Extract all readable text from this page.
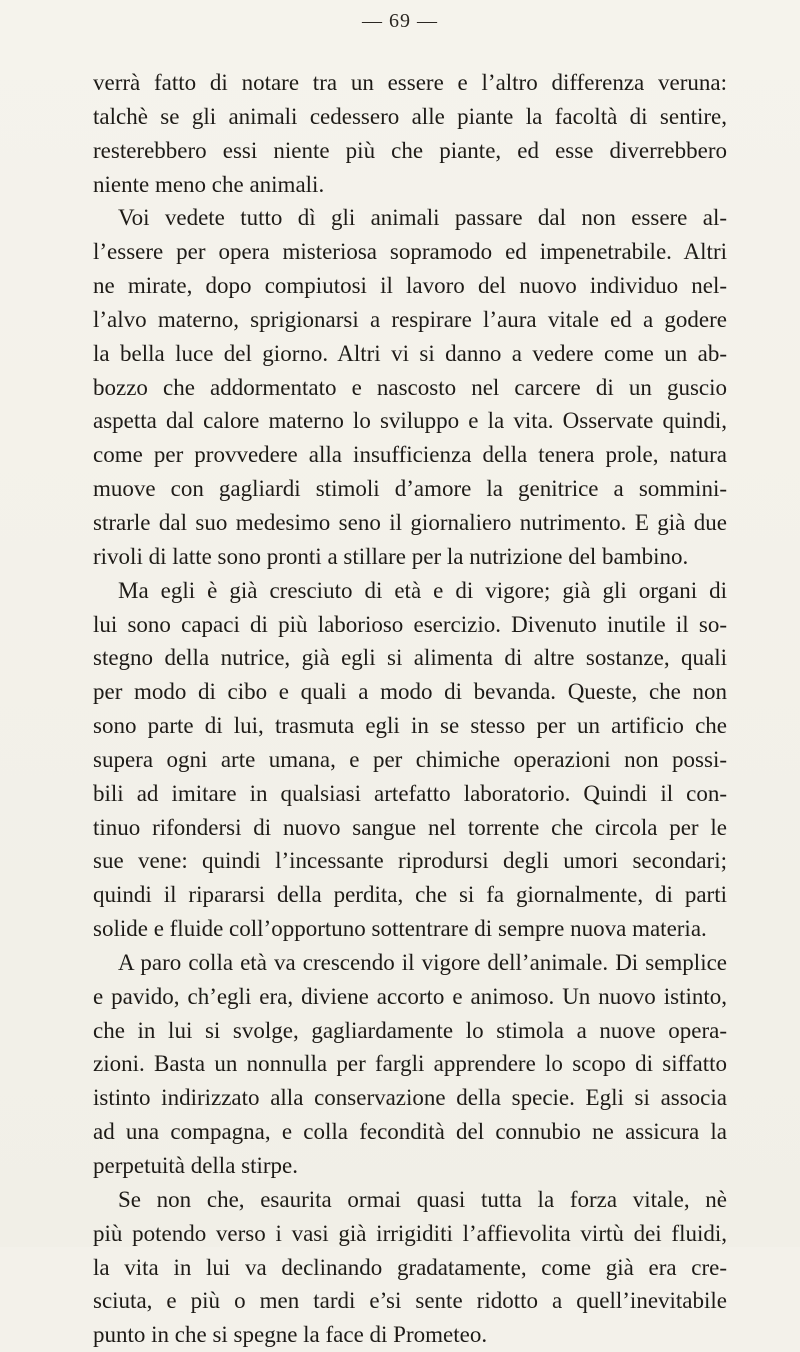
— 69 —
verrà fatto di notare tra un essere e l’altro differenza veruna:
talchè se gli animali cedessero alle piante la facoltà di sentire,
resterebbero essi niente più che piante, ed esse diverrebbero
niente meno che animali.
Voi vedete tutto dì gli animali passare dal non essere al-
l’essere per opera misteriosa sopramodo ed impenetrabile. Altri
ne mirate, dopo compiutosi il lavoro del nuovo individuo nel-
l’alvo materno, sprigionarsi a respirare l’aura vitale ed a godere
la bella luce del giorno. Altri vi si danno a vedere come un ab-
bozzo che addormentato e nascosto nel carcere di un guscio
aspetta dal calore materno lo sviluppo e la vita. Osservate quindi,
come per provvedere alla insufficienza della tenera prole, natura
muove con gagliardi stimoli d’amore la genitrice a sommini-
strarle dal suo medesimo seno il giornaliero nutrimento. E già due
rivoli di latte sono pronti a stillare per la nutrizione del bambino.
Ma egli è già cresciuto di età e di vigore; già gli organi di
lui sono capaci di più laborioso esercizio. Divenuto inutile il so-
stegno della nutrice, già egli si alimenta di altre sostanze, quali
per modo di cibo e quali a modo di bevanda. Queste, che non
sono parte di lui, trasmuta egli in se stesso per un artificio che
supera ogni arte umana, e per chimiche operazioni non possi-
bili ad imitare in qualsiasi artefatto laboratorio. Quindi il con-
tinuo rifondersi di nuovo sangue nel torrente che circola per le
sue vene: quindi l’incessante riprodursi degli umori secondari;
quindi il ripararsi della perdita, che si fa giornalmente, di parti
solide e fluide coll’opportuno sottentrare di sempre nuova materia.
A paro colla età va crescendo il vigore dell’animale. Di semplice
e pavido, ch’egli era, diviene accorto e animoso. Un nuovo istinto,
che in lui si svolge, gagliardamente lo stimola a nuove opera-
zioni. Basta un nonnulla per fargli apprendere lo scopo di siffatto
istinto indirizzato alla conservazione della specie. Egli si associa
ad una compagna, e colla fecondità del connubio ne assicura la
perpetuità della stirpe.
Se non che, esaurita ormai quasi tutta la forza vitale, nè
più potendo verso i vasi già irrigiditi l’affievolita virtù dei fluidi,
la vita in lui va declinando gradatamente, come già era cre-
sciuta, e più o men tardi e’si sente ridotto a quell’inevitabile
punto in che si spegne la face di Prometeo.
